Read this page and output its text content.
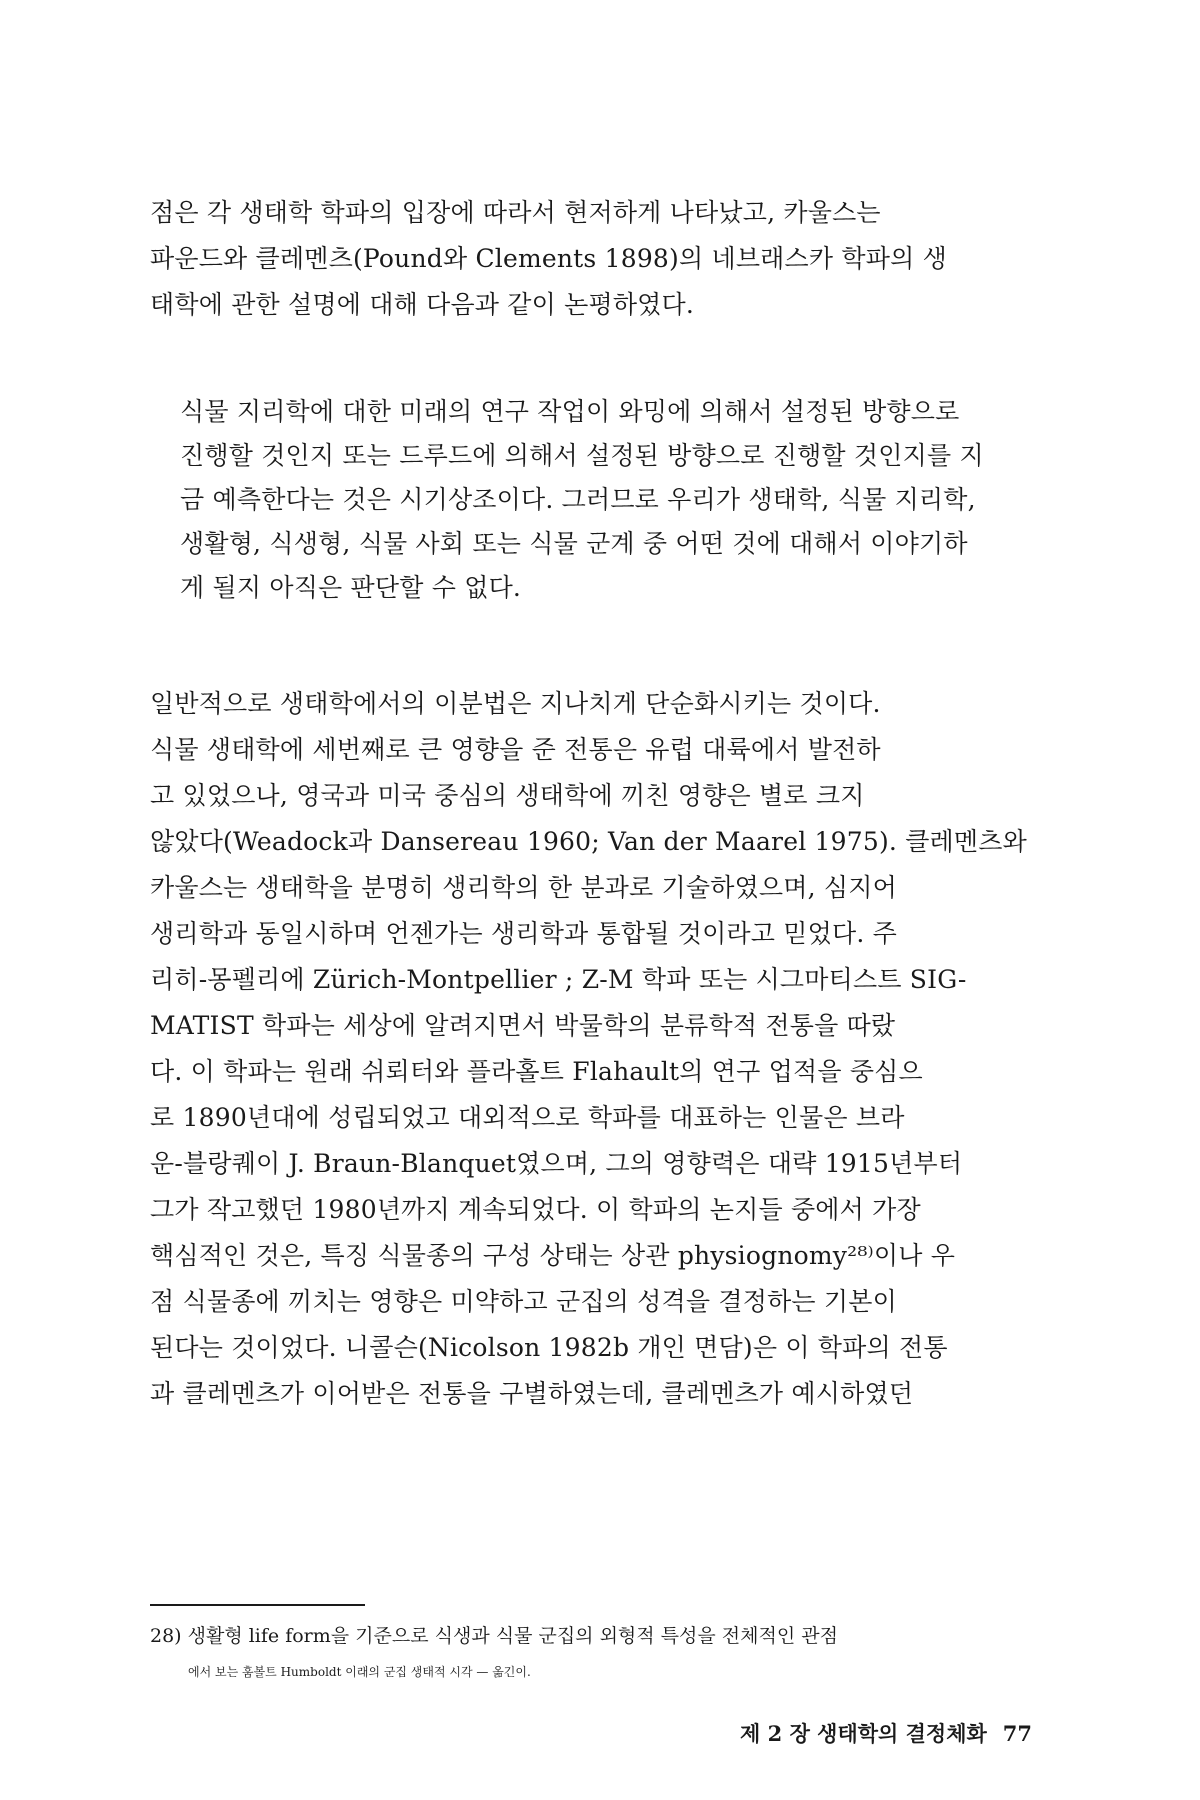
점은 각 생태학 학파의 입장에 따라서 현저하게 나타났고, 카울스는
파운드와 클레멘츠(Pound와 Clements 1898)의 네브래스카 학파의 생
태학에 관한 설명에 대해 다음과 같이 논평하였다.
식물 지리학에 대한 미래의 연구 작업이 와밍에 의해서 설정된 방향으로
진행할 것인지 또는 드루드에 의해서 설정된 방향으로 진행할 것인지를 지
금 예측한다는 것은 시기상조이다. 그러므로 우리가 생태학, 식물 지리학,
생활형, 식생형, 식물 사회 또는 식물 군계 중 어떤 것에 대해서 이야기하
게 될지 아직은 판단할 수 없다.
일반적으로 생태학에서의 이분법은 지나치게 단순화시키는 것이다.
식물 생태학에 세번째로 큰 영향을 준 전통은 유럽 대륙에서 발전하
고 있었으나, 영국과 미국 중심의 생태학에 끼친 영향은 별로 크지
않았다(Weadock과 Dansereau 1960; Van der Maarel 1975). 클레멘츠와
카울스는 생태학을 분명히 생리학의 한 분과로 기술하였으며, 심지어
생리학과 동일시하며 언젠가는 생리학과 통합될 것이라고 믿었다. 주
리히-몽펠리에 Zürich-Montpellier ; Z-M 학파 또는 시그마티스트 SIG-
MATIST 학파는 세상에 알려지면서 박물학의 분류학적 전통을 따랐
다. 이 학파는 원래 쉬뢰터와 플라홀트 Flahault의 연구 업적을 중심으
로 1890년대에 성립되었고 대외적으로 학파를 대표하는 인물은 브라
운-블랑퀘이 J. Braun-Blanquet였으며, 그의 영향력은 대략 1915년부터
그가 작고했던 1980년까지 계속되었다. 이 학파의 논지들 중에서 가장
핵심적인 것은, 특징 식물종의 구성 상태는 상관 physiognomy²⁸⁾이나 우
점 식물종에 끼치는 영향은 미약하고 군집의 성격을 결정하는 기본이
된다는 것이었다. 니콜슨(Nicolson 1982b 개인 면담)은 이 학파의 전통
과 클레멘츠가 이어받은 전통을 구별하였는데, 클레멘츠가 예시하였던
28) 생활형 life form을 기준으로 식생과 식물 군집의 외형적 특성을 전체적인 관점
에서 보는 훔볼트 Humboldt 이래의 군집 생태적 시각 — 옮긴이.
제 2 장 생태학의 결정체화 77
